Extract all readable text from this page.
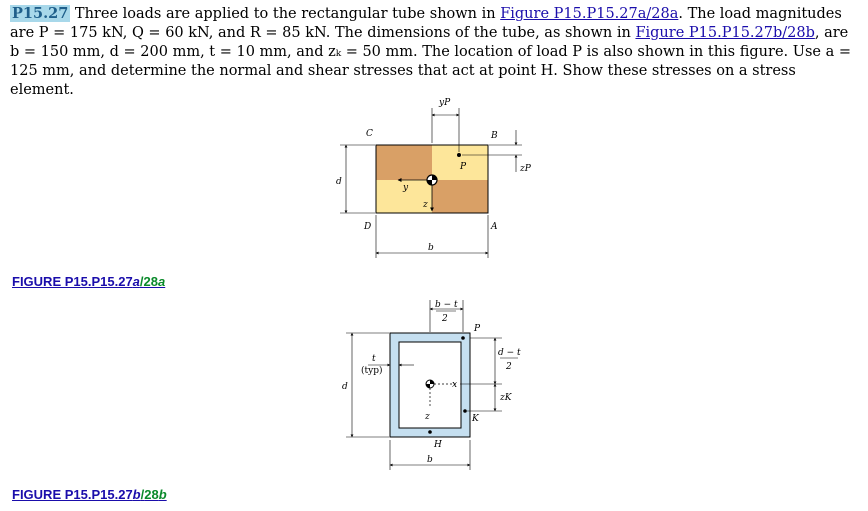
P15.27 Three loads are applied to the rectangular tube shown in Figure P15.P15.27a/28a. The load magnitudes are P = 175 kN, Q = 60 kN, and R = 85 kN. The dimensions of the tube, as shown in Figure P15.P15.27b/28b, are b = 150 mm, d = 200 mm, t = 10 mm, and zₖ = 50 mm. The location of load P is also shown in this figure. Use a = 125 mm, and determine the normal and shear stresses that act at point H. Show these stresses on a stress element.
yP
C	B
P	zP
d
y
z
D	A
b
b − t
2
P
t
(typ)
d − t
2
d	x
zK
z	K
H
b
FIGURE P15.P15.27a/28a
FIGURE P15.P15.27b/28b
